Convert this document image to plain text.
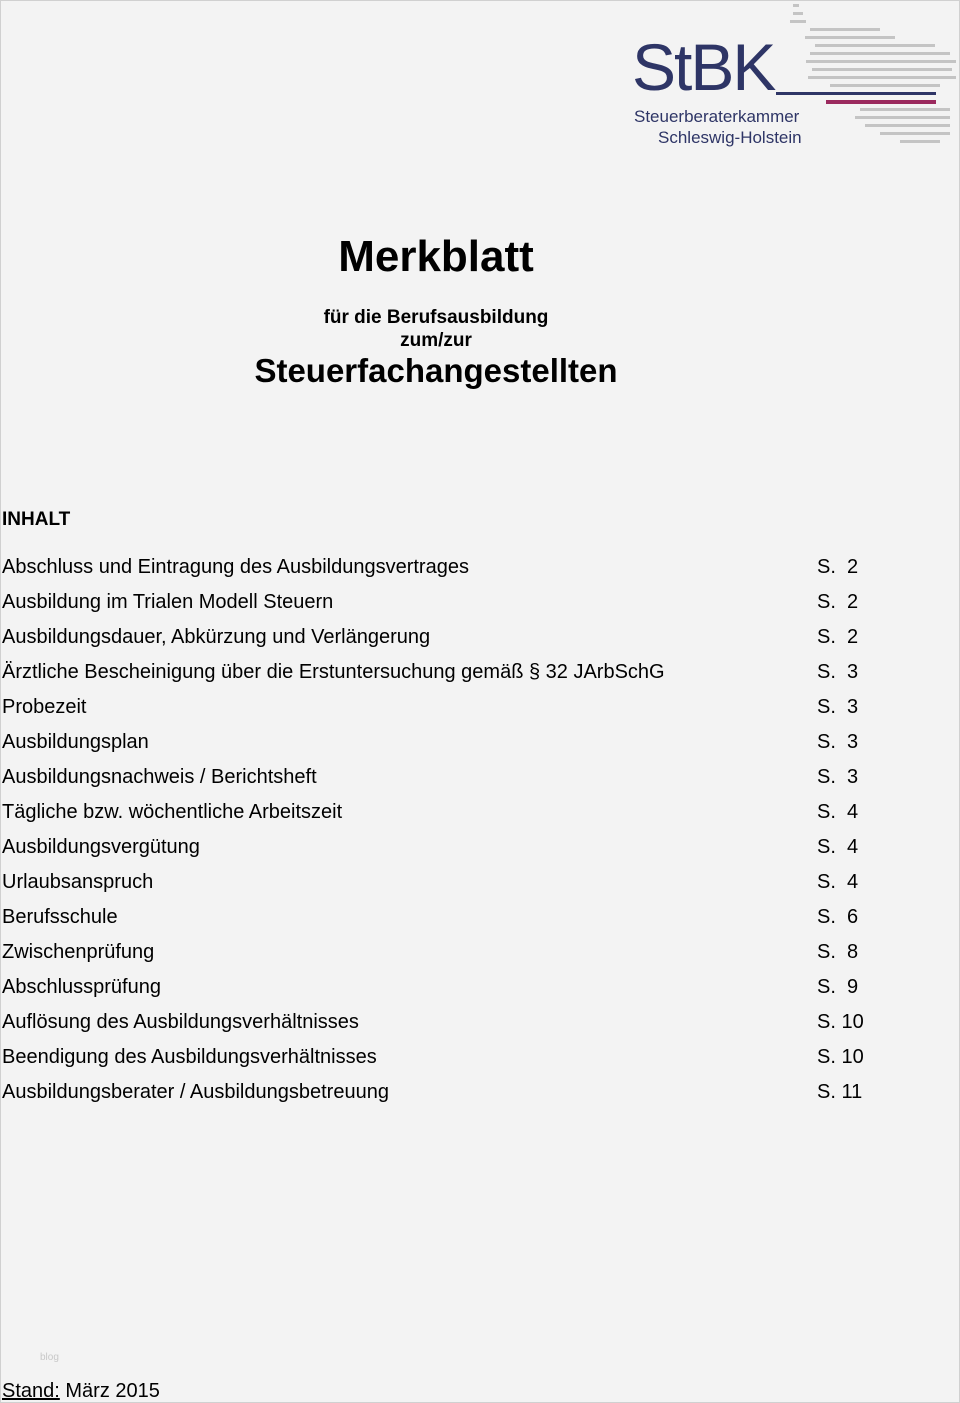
StBK
Steuerberaterkammer
Schleswig-Holstein
Merkblatt
für die Berufsausbildung
zum/zur
Steuerfachangestellten
INHALT
Abschluss und Eintragung des Ausbildungsvertrages	S.  2
Ausbildung im Trialen Modell Steuern	S.  2
Ausbildungsdauer, Abkürzung und Verlängerung	S.  2
Ärztliche Bescheinigung über die Erstuntersuchung gemäß § 32 JArbSchG	S.  3
Probezeit	S.  3
Ausbildungsplan	S.  3
Ausbildungsnachweis / Berichtsheft	S.  3
Tägliche bzw. wöchentliche Arbeitszeit	S.  4
Ausbildungsvergütung	S.  4
Urlaubsanspruch	S.  4
Berufsschule	S.  6
Zwischenprüfung	S.  8
Abschlussprüfung	S.  9
Auflösung des Ausbildungsverhältnisses	S. 10
Beendigung des Ausbildungsverhältnisses	S. 10
Ausbildungsberater / Ausbildungsbetreuung	S. 11
blog
Stand: März 2015
